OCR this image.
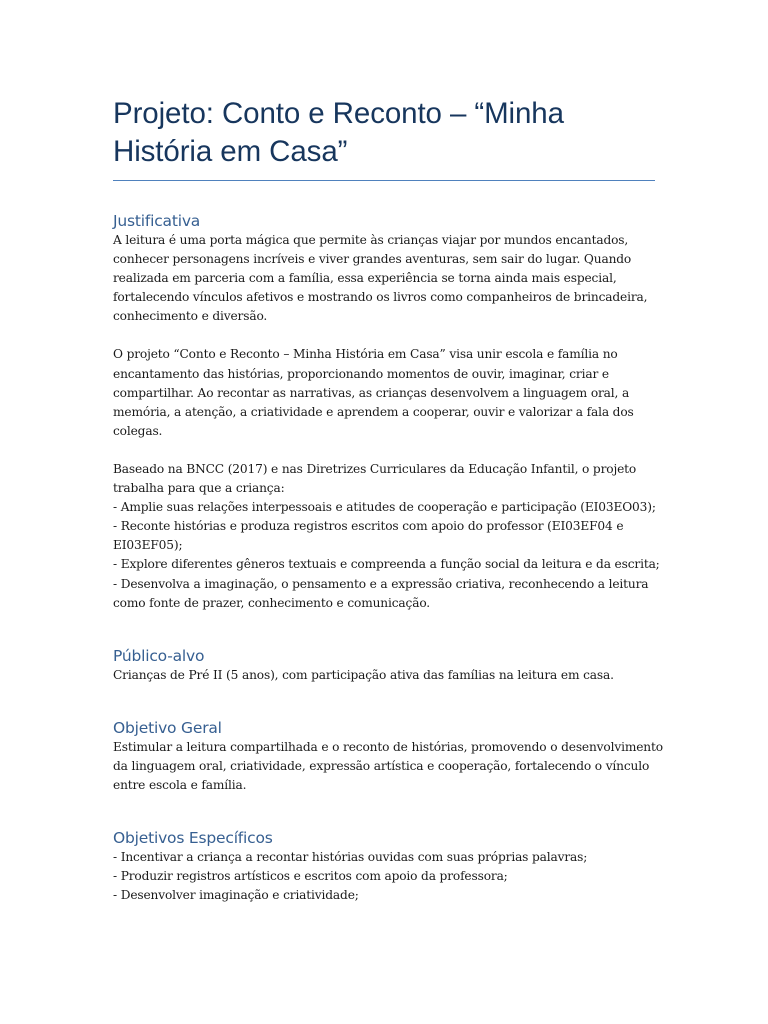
Projeto: Conto e Reconto – “Minha
História em Casa”
Justificativa
A leitura é uma porta mágica que permite às crianças viajar por mundos encantados,
conhecer personagens incríveis e viver grandes aventuras, sem sair do lugar. Quando
realizada em parceria com a família, essa experiência se torna ainda mais especial,
fortalecendo vínculos afetivos e mostrando os livros como companheiros de brincadeira,
conhecimento e diversão.
O projeto “Conto e Reconto – Minha História em Casa” visa unir escola e família no
encantamento das histórias, proporcionando momentos de ouvir, imaginar, criar e
compartilhar. Ao recontar as narrativas, as crianças desenvolvem a linguagem oral, a
memória, a atenção, a criatividade e aprendem a cooperar, ouvir e valorizar a fala dos
colegas.
Baseado na BNCC (2017) e nas Diretrizes Curriculares da Educação Infantil, o projeto
trabalha para que a criança:
- Amplie suas relações interpessoais e atitudes de cooperação e participação (EI03EO03);
- Reconte histórias e produza registros escritos com apoio do professor (EI03EF04 e
EI03EF05);
- Explore diferentes gêneros textuais e compreenda a função social da leitura e da escrita;
- Desenvolva a imaginação, o pensamento e a expressão criativa, reconhecendo a leitura
como fonte de prazer, conhecimento e comunicação.
Público-alvo
Crianças de Pré II (5 anos), com participação ativa das famílias na leitura em casa.
Objetivo Geral
Estimular a leitura compartilhada e o reconto de histórias, promovendo o desenvolvimento
da linguagem oral, criatividade, expressão artística e cooperação, fortalecendo o vínculo
entre escola e família.
Objetivos Específicos
- Incentivar a criança a recontar histórias ouvidas com suas próprias palavras;
- Produzir registros artísticos e escritos com apoio da professora;
- Desenvolver imaginação e criatividade;
